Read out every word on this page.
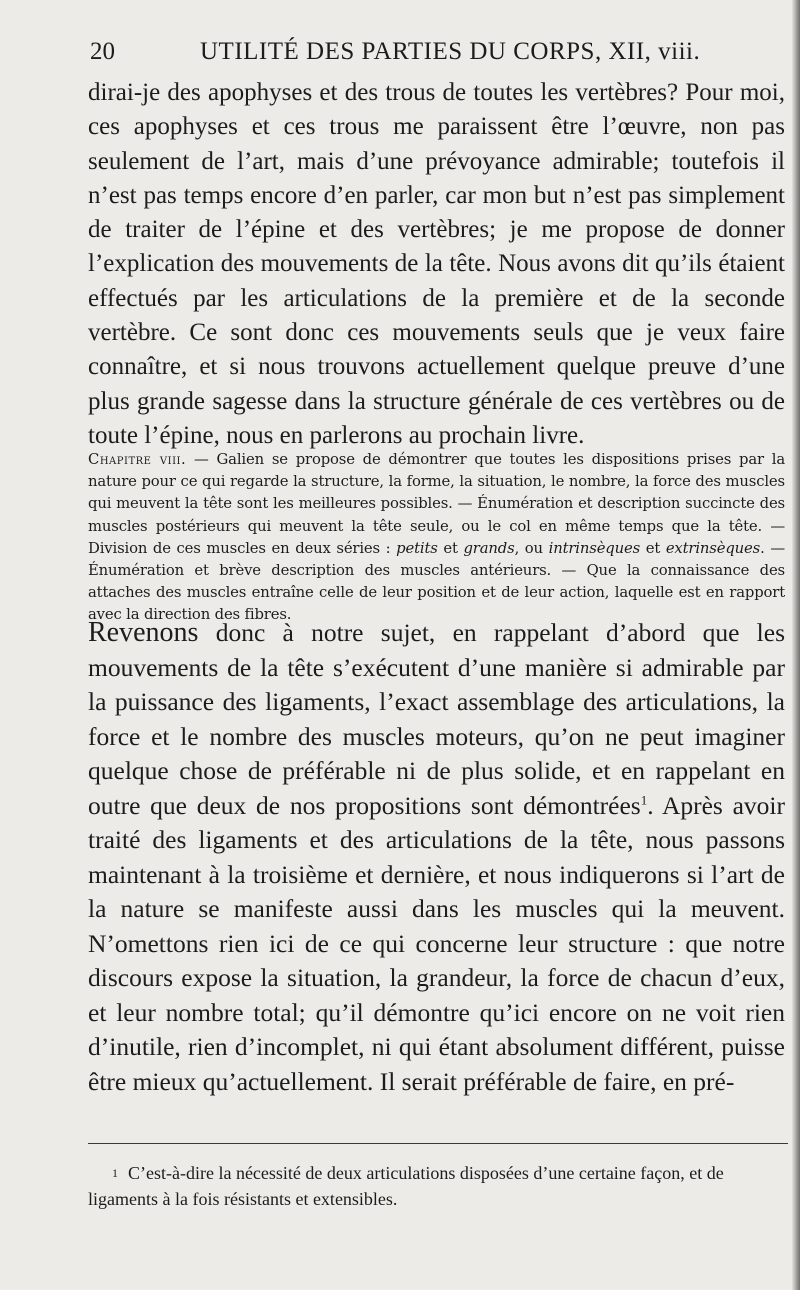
20	UTILITÉ DES PARTIES DU CORPS, XII, viii.

dirai-je des apophyses et des trous de toutes les vertèbres? Pour moi, ces apophyses et ces trous me paraissent être l’œuvre, non pas seulement de l’art, mais d’une prévoyance admirable; toutefois il n’est pas temps encore d’en parler, car mon but n’est pas simplement de traiter de l’épine et des vertèbres; je me propose de donner l’explication des mouvements de la tête. Nous avons dit qu’ils étaient effectués par les articulations de la première et de la seconde vertèbre. Ce sont donc ces mouvements seuls que je veux faire connaître, et si nous trouvons actuellement quelque preuve d’une plus grande sagesse dans la structure générale de ces vertèbres ou de toute l’épine, nous en parlerons au prochain livre.

Chapitre viii. — Galien se propose de démontrer que toutes les dispositions prises par la nature pour ce qui regarde la structure, la forme, la situation, le nombre, la force des muscles qui meuvent la tête sont les meilleures possibles. — Énumération et description succincte des muscles postérieurs qui meuvent la tête seule, ou le col en même temps que la tête. — Division de ces muscles en deux séries : petits et grands, ou intrinsèques et extrinsèques. — Énumération et brève description des muscles antérieurs. — Que la connaissance des attaches des muscles entraîne celle de leur position et de leur action, laquelle est en rapport avec la direction des fibres.

Revenons donc à notre sujet, en rappelant d’abord que les mouvements de la tête s’exécutent d’une manière si admirable par la puissance des ligaments, l’exact assemblage des articulations, la force et le nombre des muscles moteurs, qu’on ne peut imaginer quelque chose de préférable ni de plus solide, et en rappelant en outre que deux de nos propositions sont démontrées$^1$. Après avoir traité des ligaments et des articulations de la tête, nous passons maintenant à la troisième et dernière, et nous indiquerons si l’art de la nature se manifeste aussi dans les muscles qui la meuvent. N’omettons rien ici de ce qui concerne leur structure : que notre discours expose la situation, la grandeur, la force de chacun d’eux, et leur nombre total; qu’il démontre qu’ici encore on ne voit rien d’inutile, rien d’incomplet, ni qui étant absolument différent, puisse être mieux qu’actuellement. Il serait préférable de faire, en pré-

$^1$ C’est-à-dire la nécessité de deux articulations disposées d’une certaine façon, et de ligaments à la fois résistants et extensibles.
